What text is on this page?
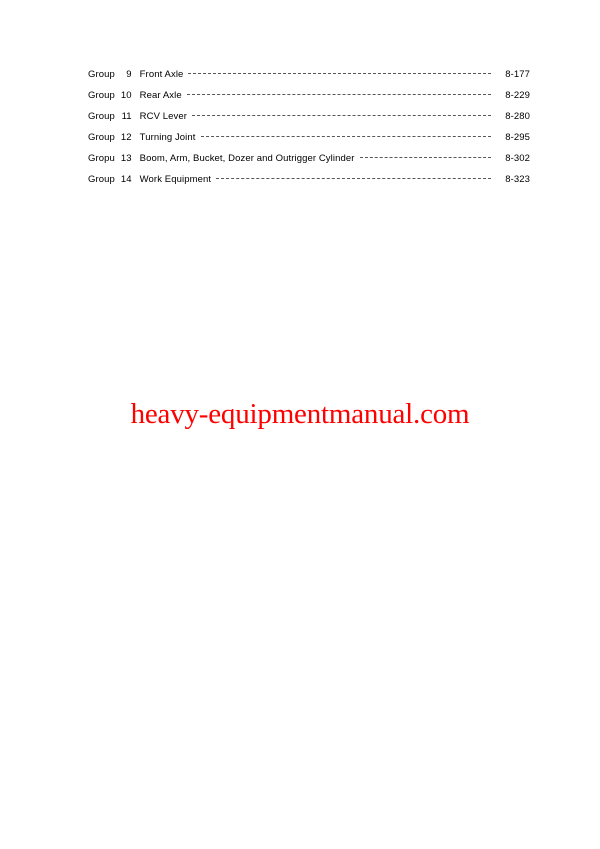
Group 9 Front Axle	8-177
Group 10 Rear Axle	8-229
Group 11 RCV Lever	8-280
Group 12 Turning Joint	8-295
Gropu 13 Boom, Arm, Bucket, Dozer and Outrigger Cylinder	8-302
Group 14 Work Equipment	8-323
heavy-equipmentmanual.com
